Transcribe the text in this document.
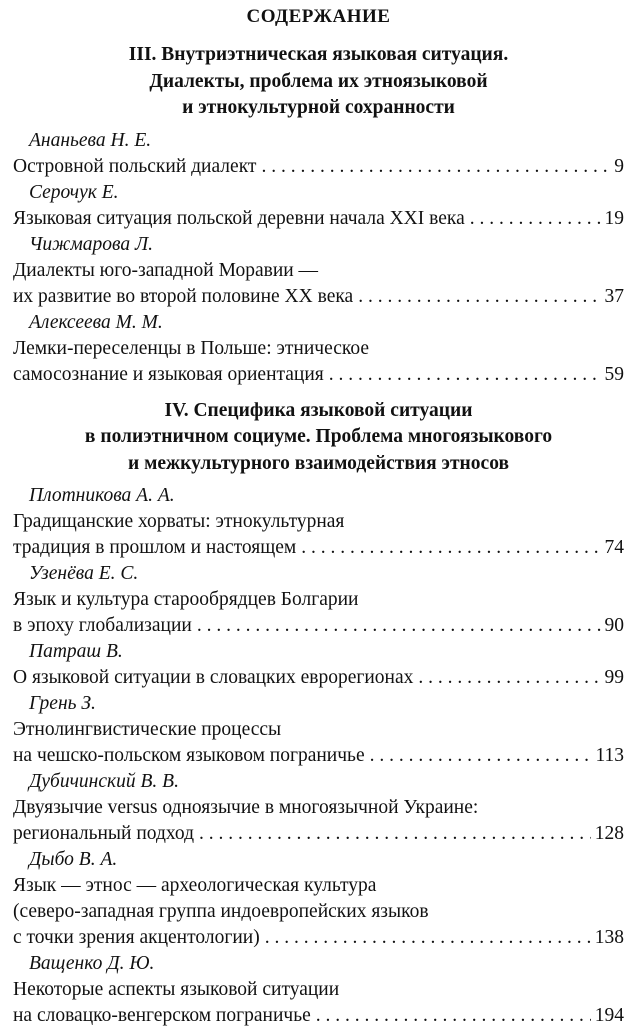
СОДЕРЖАНИЕ
III. Внутриэтническая языковая ситуация.
Диалекты, проблема их этноязыковой
и этнокультурной сохранности
Ананьева Н. Е.
Островной польский диалект . . .	9
Серочук Е.
Языковая ситуация польской деревни начала XXI века . . .	19
Чижмарова Л.
Диалекты юго-западной Моравии —
их развитие во второй половине XX века . . .	37
Алексеева М. М.
Лемки-переселенцы в Польше: этническое
самосознание и языковая ориентация . . .	59
IV. Специфика языковой ситуации
в полиэтничном социуме. Проблема многоязыкового
и межкультурного взаимодействия этносов
Плотникова А. А.
Градищанские хорваты: этнокультурная
традиция в прошлом и настоящем . . .	74
Узенёва Е. С.
Язык и культура старообрядцев Болгарии
в эпоху глобализации . . .	90
Патраш В.
О языковой ситуации в словацких еврорегионах . . .	99
Грень З.
Этнолингвистические процессы
на чешско-польском языковом пограничье . . .	113
Дубичинский В. В.
Двуязычие versus одноязычие в многоязычной Украине:
региональный подход . . .	128
Дыбо В. А.
Язык — этнос — археологическая культура
(северо-западная группа индоевропейских языков
с точки зрения акцентологии) . . .	138
Ващенко Д. Ю.
Некоторые аспекты языковой ситуации
на словацко-венгерском пограничье . . .	194
